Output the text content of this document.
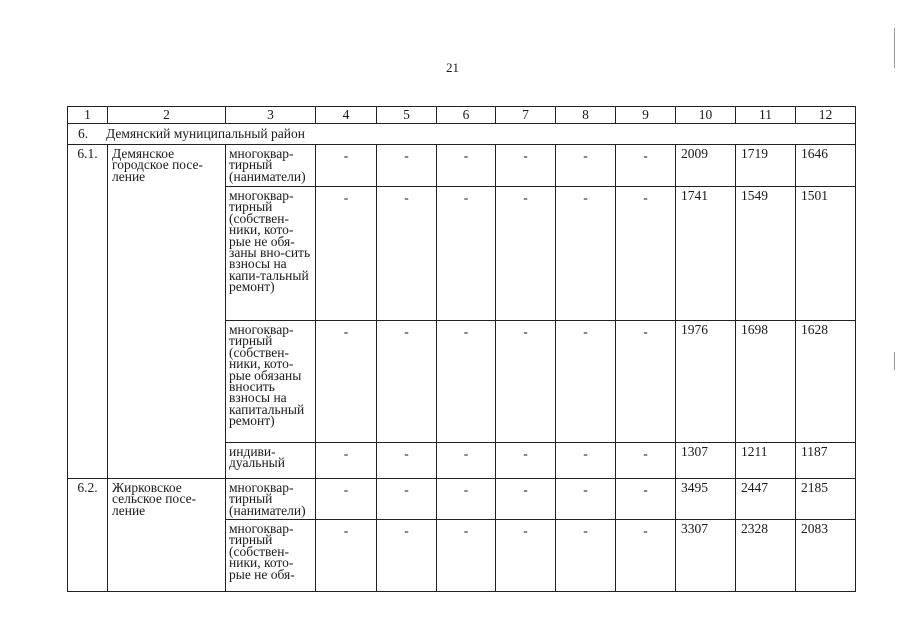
21
1	2	3	4	5	6	7	8	9	10	11	12
6. Демянский муниципальный район											
6.1.	Демянское городское посе-ление	многоквар-тирный (наниматели)	-	-	-	-	-	-	2009	1719	1646
		многоквар-тирный (собствен-ники, кото-рые не обя-заны вно-сить взносы на капи-тальный ремонт)	-	-	-	-	-	-	1741	1549	1501
		многоквар-тирный (собствен-ники, кото-рые обязаны вносить взносы на капитальный ремонт)	-	-	-	-	-	-	1976	1698	1628
		индиви-дуальный	-	-	-	-	-	-	1307	1211	1187
6.2.	Жирковское сельское посе-ление	многоквар-тирный (наниматели)	-	-	-	-	-	-	3495	2447	2185
		многоквар-тирный (собствен-ники, кото-рые не обя-	-	-	-	-	-	-	3307	2328	2083
